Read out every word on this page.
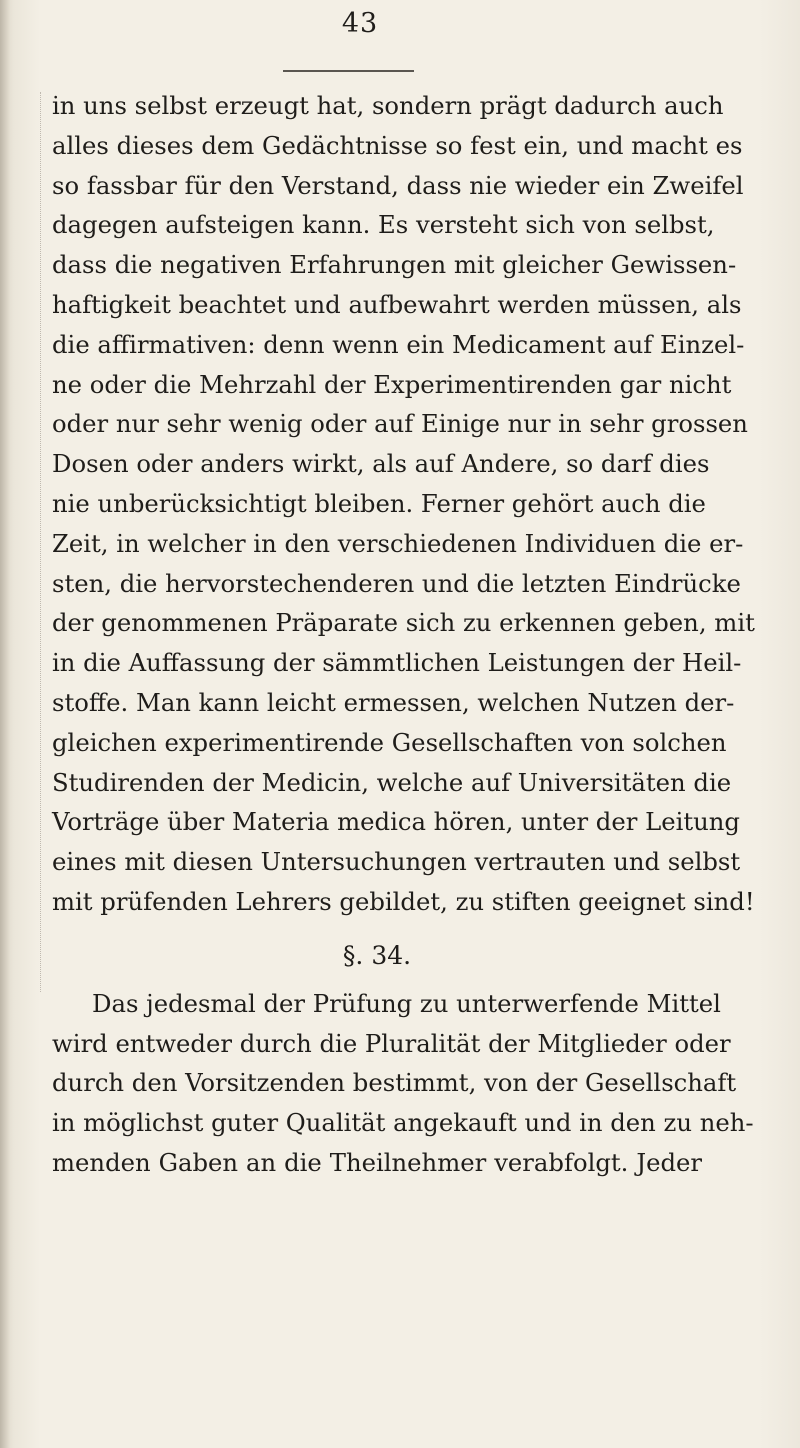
43
in uns selbst erzeugt hat, sondern prägt dadurch auch
alles dieses dem Gedächtnisse so fest ein, und macht es
so fassbar für den Verstand, dass nie wieder ein Zweifel
dagegen aufsteigen kann. Es versteht sich von selbst,
dass die negativen Erfahrungen mit gleicher Gewissen-
haftigkeit beachtet und aufbewahrt werden müssen, als
die affirmativen: denn wenn ein Medicament auf Einzel-
ne oder die Mehrzahl der Experimentirenden gar nicht
oder nur sehr wenig oder auf Einige nur in sehr grossen
Dosen oder anders wirkt, als auf Andere, so darf dies
nie unberücksichtigt bleiben. Ferner gehört auch die
Zeit, in welcher in den verschiedenen Individuen die er-
sten, die hervorstechenderen und die letzten Eindrücke
der genommenen Präparate sich zu erkennen geben, mit
in die Auffassung der sämmtlichen Leistungen der Heil-
stoffe. Man kann leicht ermessen, welchen Nutzen der-
gleichen experimentirende Gesellschaften von solchen
Studirenden der Medicin, welche auf Universitäten die
Vorträge über Materia medica hören, unter der Leitung
eines mit diesen Untersuchungen vertrauten und selbst
mit prüfenden Lehrers gebildet, zu stiften geeignet sind!
§. 34.
Das jedesmal der Prüfung zu unterwerfende Mittel
wird entweder durch die Pluralität der Mitglieder oder
durch den Vorsitzenden bestimmt, von der Gesellschaft
in möglichst guter Qualität angekauft und in den zu neh-
menden Gaben an die Theilnehmer verabfolgt. Jeder
